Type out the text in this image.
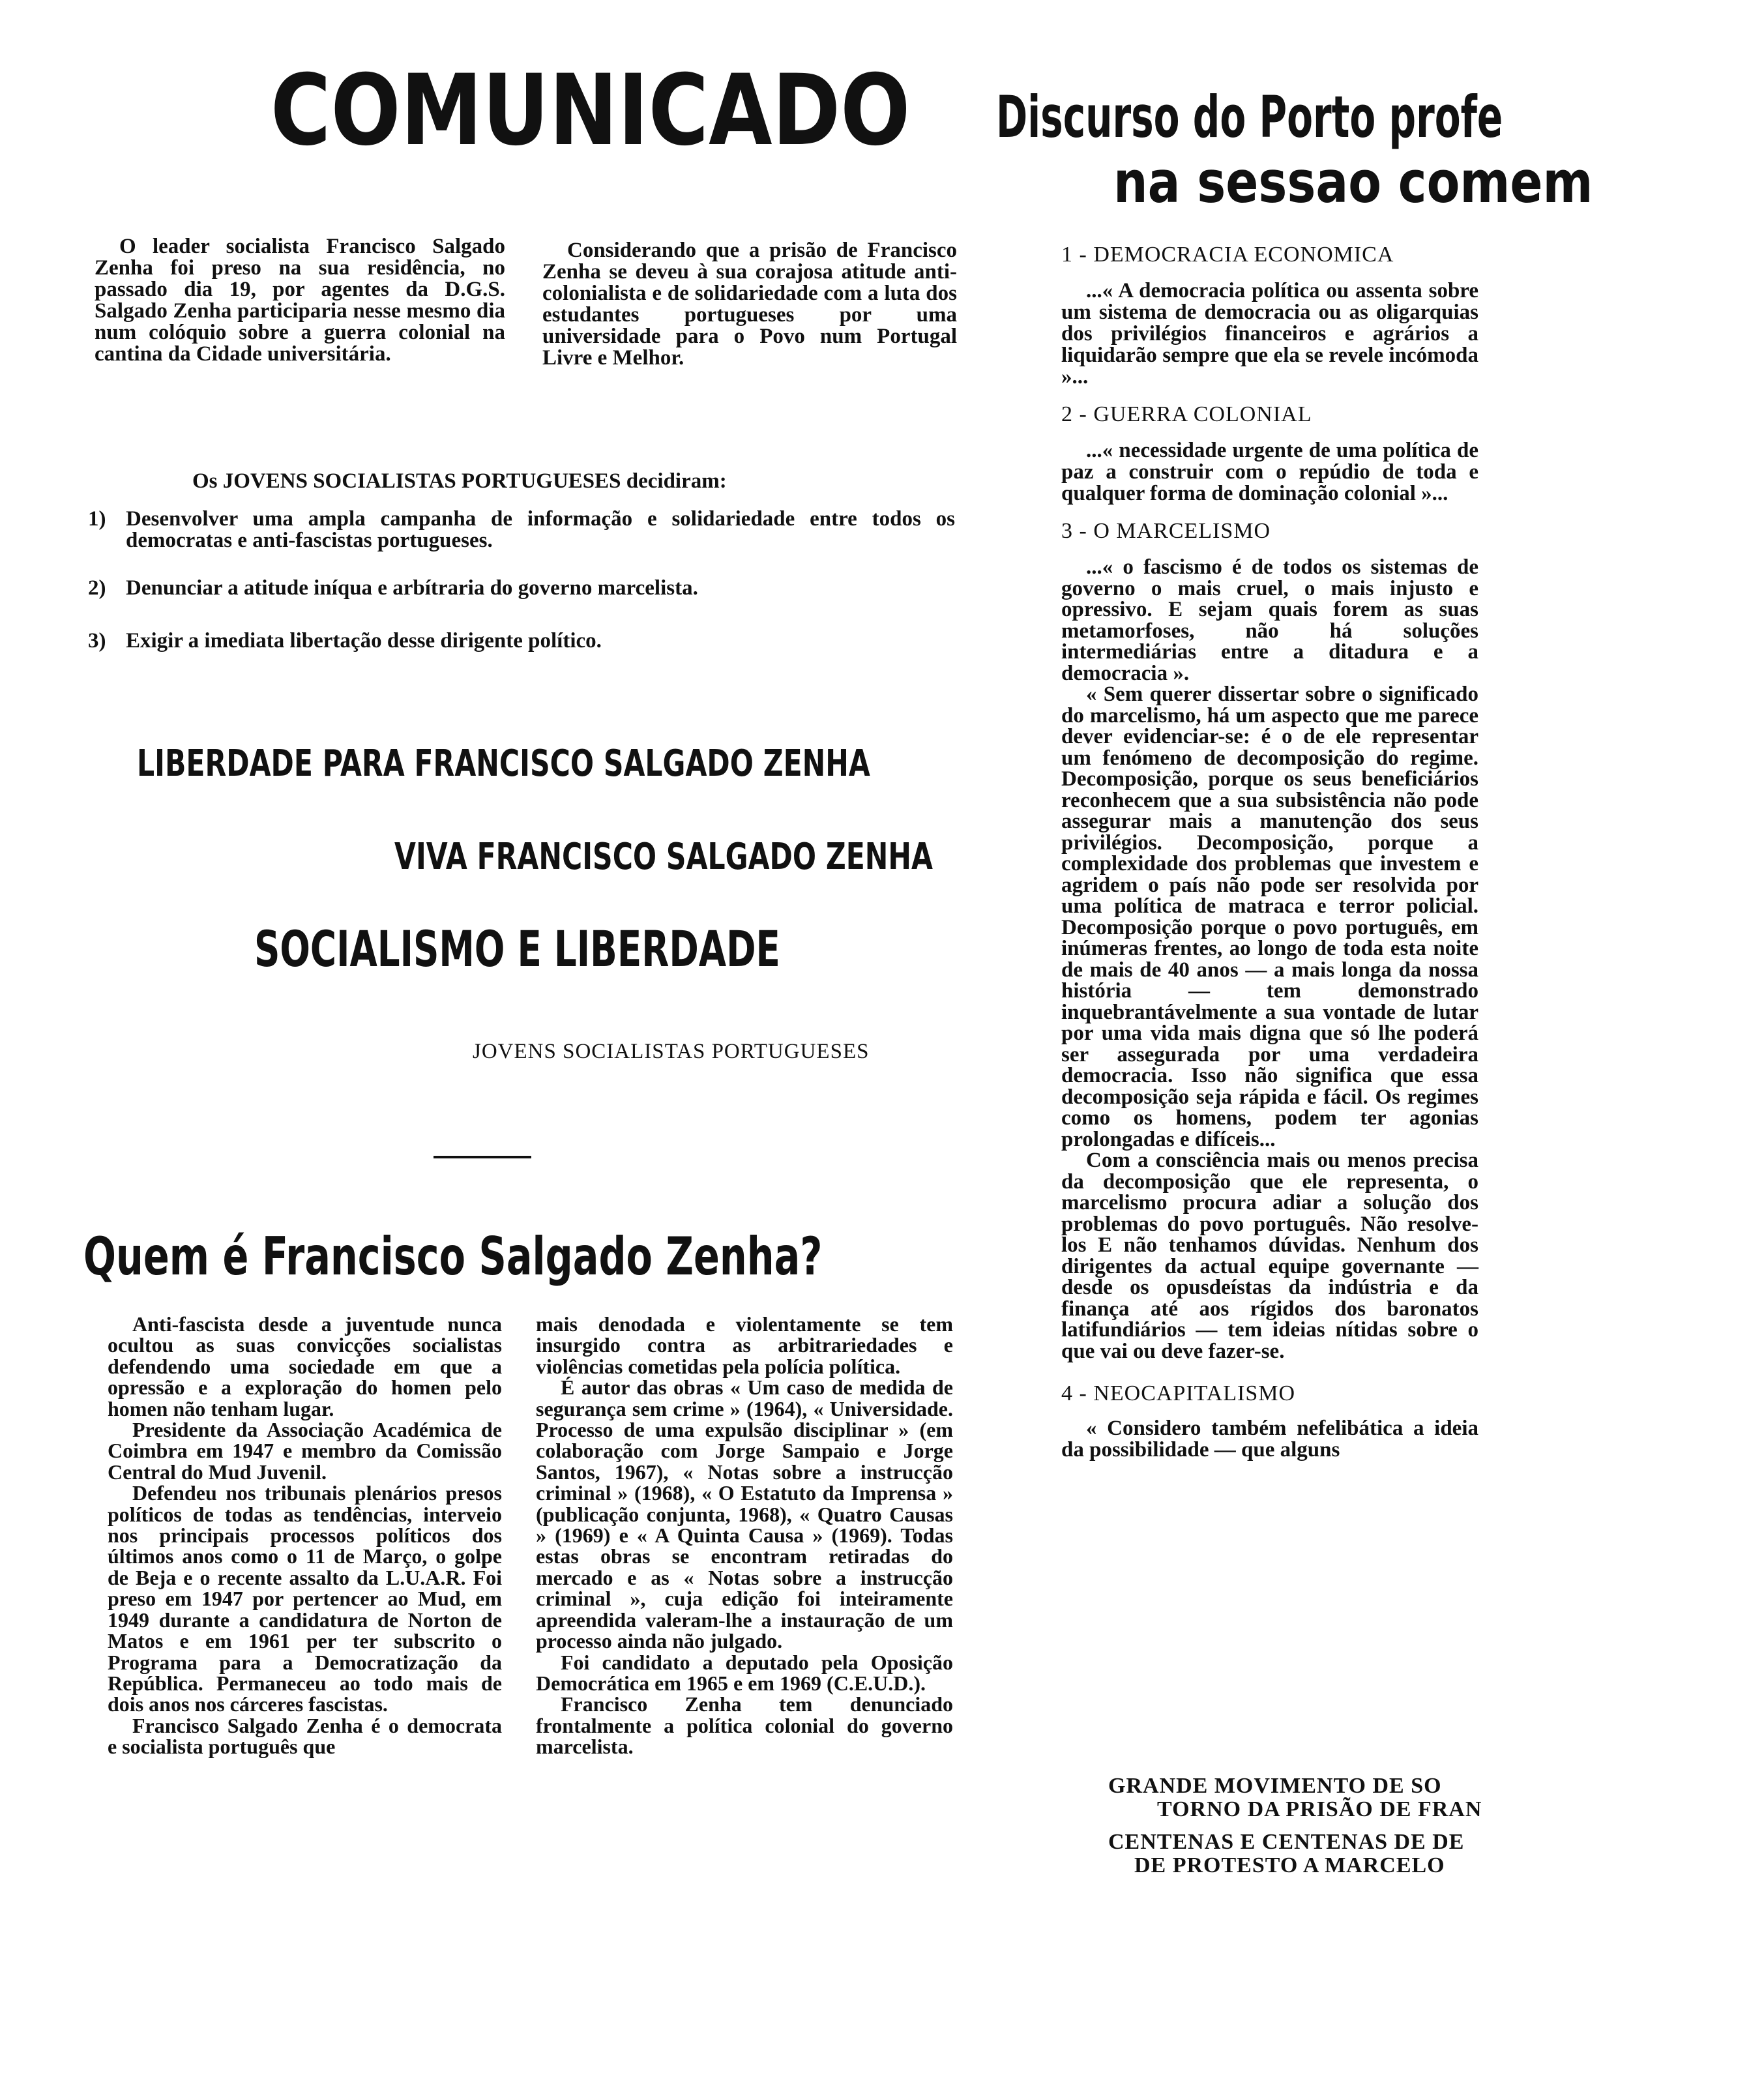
COMUNICADO

O leader socialista Francisco Salgado Zenha foi preso na sua residência, no passado dia 19, por agentes da D.G.S. Salgado Zenha participaria nesse mesmo dia num colóquio sobre a guerra colonial na cantina da Cidade universitária.

Considerando que a prisão de Francisco Zenha se deveu à sua corajosa atitude anti-colonialista e de solidariedade com a luta dos estudantes portugueses por uma universidade para o Povo num Portugal Livre e Melhor.

Os JOVENS SOCIALISTAS PORTUGUESES decidiram:
1) Desenvolver uma ampla campanha de informação e solidariedade entre todos os democratas e anti-fascistas portugueses.
2) Denunciar a atitude iníqua e arbítraria do governo marcelista.
3) Exigir a imediata libertação desse dirigente político.
LIBERDADE PARA FRANCISCO SALGADO ZENHA
VIVA FRANCISCO SALGADO ZENHA
SOCIALISMO E LIBERDADE
JOVENS SOCIALISTAS PORTUGUESES
Quem é Francisco Salgado Zenha?

Anti-fascista desde a juventude nunca ocultou as suas convicções socialistas defendendo uma sociedade em que a opressão e a exploração do homen pelo homen não tenham lugar.

Presidente da Associação Académica de Coimbra em 1947 e membro da Comissão Central do Mud Juvenil.

Defendeu nos tribunais plenários presos políticos de todas as tendências, interveio nos principais processos políticos dos últimos anos como o 11 de Março, o golpe de Beja e o recente assalto da L.U.A.R. Foi preso em 1947 por pertencer ao Mud, em 1949 durante a candidatura de Norton de Matos e em 1961 per ter subscrito o Programa para a Democratização da República. Permaneceu ao todo mais de dois anos nos cárceres fascistas.

Francisco Salgado Zenha é o democrata e socialista português que

mais denodada e violentamente se tem insurgido contra as arbitrariedades e violências cometidas pela polícia política.

É autor das obras « Um caso de medida de segurança sem crime » (1964), « Universidade. Processo de uma expulsão disciplinar » (em colaboração com Jorge Sampaio e Jorge Santos, 1967), « Notas sobre a instrucção criminal » (1968), « O Estatuto da Imprensa » (publicação conjunta, 1968), « Quatro Causas » (1969) e « A Quinta Causa » (1969). Todas estas obras se encontram retiradas do mercado e as « Notas sobre a instrucção criminal », cuja edição foi inteiramente apreendida valeram-lhe a instauração de um processo ainda não julgado.

Foi candidato a deputado pela Oposição Democrática em 1965 e em 1969 (C.E.U.D.).

Francisco Zenha tem denunciado frontalmente a política colonial do governo marcelista.

Discurso do Porto profe
na sessao comem
1 - DEMOCRACIA ECONOMICA

...« A democracia política ou assenta sobre um sistema de democracia ou as oligarquias dos privilégios financeiros e agrários a liquidarão sempre que ela se revele incómoda »...

2 - GUERRA COLONIAL

...« necessidade urgente de uma política de paz a construir com o repúdio de toda e qualquer forma de dominação colonial »...

3 - O MARCELISMO

...« o fascismo é de todos os sistemas de governo o mais cruel, o mais injusto e opressivo. E sejam quais forem as suas metamorfoses, não há soluções intermediárias entre a ditadura e a democracia ».

« Sem querer dissertar sobre o significado do marcelismo, há um aspecto que me parece dever evidenciar-se: é o de ele representar um fenómeno de decomposição do regime. Decomposição, porque os seus beneficiários reconhecem que a sua subsistência não pode assegurar mais a manutenção dos seus privilégios. Decomposição, porque a complexidade dos problemas que investem e agridem o país não pode ser resolvida por uma política de matraca e terror policial. Decomposição porque o povo português, em inúmeras frentes, ao longo de toda esta noite de mais de 40 anos — a mais longa da nossa história — tem demonstrado inquebrantávelmente a sua vontade de lutar por uma vida mais digna que só lhe poderá ser assegurada por uma verdadeira democracia. Isso não significa que essa decomposição seja rápida e fácil. Os regimes como os homens, podem ter agonias prolongadas e difíceis...

Com a consciência mais ou menos precisa da decomposição que ele representa, o marcelismo procura adiar a solução dos problemas do povo português. Não resolve-los E não tenhamos dúvidas. Nenhum dos dirigentes da actual equipe governante — desde os opusdeístas da indústria e da finança até aos rígidos dos baronatos latifundiários — tem ideias nítidas sobre o que vai ou deve fazer-se.

4 - NEOCAPITALISMO

« Considero também nefelibática a ideia da possibilidade — que alguns

GRANDE MOVIMENTO DE SO
TORNO DA PRISÃO DE FRAN
CENTENAS E CENTENAS DE DE
DE PROTESTO A MARCELO
